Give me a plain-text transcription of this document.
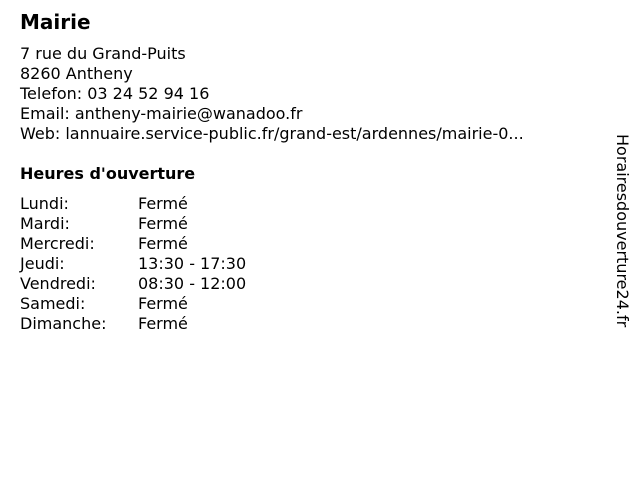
Mairie
7 rue du Grand-Puits
8260 Antheny
Telefon: 03 24 52 94 16
Email: antheny-mairie@wanadoo.fr
Web: lannuaire.service-public.fr/grand-est/ardennes/mairie-0...
Heures d'ouverture
Lundi:	Fermé
Mardi:	Fermé
Mercredi:	Fermé
Jeudi:	13:30 - 17:30
Vendredi:	08:30 - 12:00
Samedi:	Fermé
Dimanche:	Fermé	Horairesdouverture24.fr
